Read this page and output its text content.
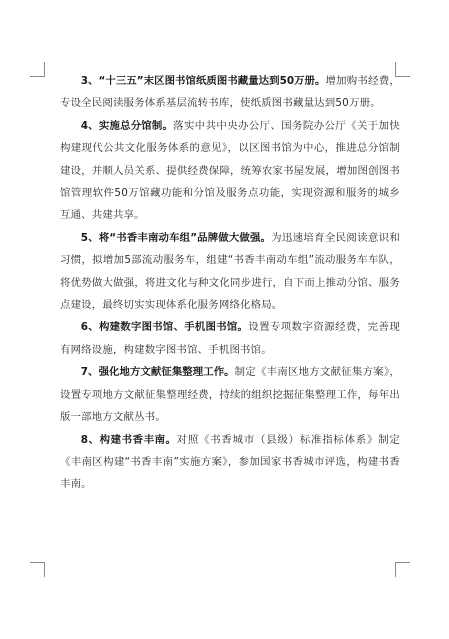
3、“十三五”末区图书馆纸质图书藏量达到50万册。增加购书经费，专设全民阅读服务体系基层流转书库，使纸质图书藏量达到50万册。

4、实施总分馆制。落实中共中央办公厅、国务院办公厅《关于加快构建现代公共文化服务体系的意见》，以区图书馆为中心，推进总分馆制建设，并顺人员关系、提供经费保障，统筹农家书屋发展，增加图创图书馆管理软件50万馆藏功能和分馆及服务点功能，实现资源和服务的城乡互通、共建共享。

5、将“书香丰南动车组”品牌做大做强。为迅速培育全民阅读意识和习惯，拟增加5部流动服务车，组建“书香丰南动车组”流动服务车车队，将优势做大做强，将进文化与种文化同步进行，自下而上推动分馆、服务点建设，最终切实实现体系化服务网络化格局。

6、构建数字图书馆、手机图书馆。设置专项数字资源经费，完善现有网络设施，构建数字图书馆、手机图书馆。

7、强化地方文献征集整理工作。制定《丰南区地方文献征集方案》，设置专项地方文献征集整理经费，持续的组织挖掘征集整理工作，每年出版一部地方文献丛书。

8、构建书香丰南。对照《书香城市（县级）标准指标体系》制定《丰南区构建“书香丰南”实施方案》，参加国家书香城市评选，构建书香丰南。
